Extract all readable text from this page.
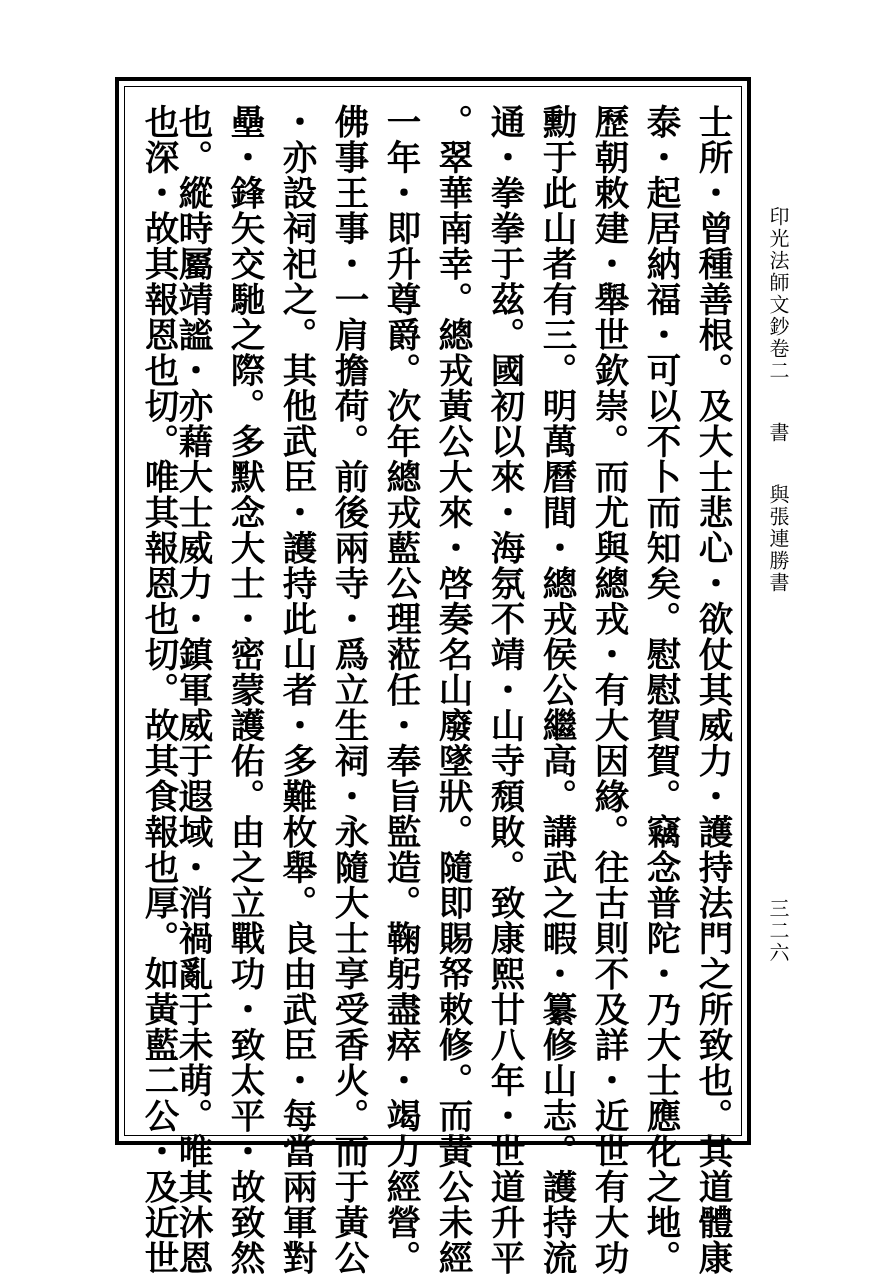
印光法師文鈔卷二 書 與張連勝書
三二六
士所・曾種善根。及大士悲心・欲仗其威力・護持法門之所致也。其道體康
泰・起居納福・可以不卜而知矣。慰慰賀賀。竊念普陀・乃大士應化之地。
歷朝敕建・舉世欽崇。而尤與總戎・有大因緣。往古則不及詳・近世有大功
勳于此山者有三。明萬曆間・總戎侯公繼高。講武之暇・纂修山志。護持流
通・拳拳于茲。國初以來・海氛不靖・山寺頹敗。致康熙廿八年・世道升平
。翠華南幸。總戎黃公大來・啓奏名山廢墜狀。隨即賜帑敕修。而黃公未經
一年・即升尊爵。次年總戎藍公理蒞任・奉旨監造。鞠躬盡瘁・竭力經營。
佛事王事・一肩擔荷。前後兩寺・爲立生祠・永隨大士享受香火。而于黃公
・亦設祠祀之。其他武臣・護持此山者・多難枚舉。良由武臣・每當兩軍對
壘・鋒矢交馳之際。多默念大士・密蒙護佑。由之立戰功・致太平・故致然
也。縱時屬靖謐・亦藉大士威力・鎮軍威于遐域・消禍亂于未萌。唯其沐恩
也深・故其報恩也切。唯其報恩也切。故其食報也厚。如黃藍二公・及近世
